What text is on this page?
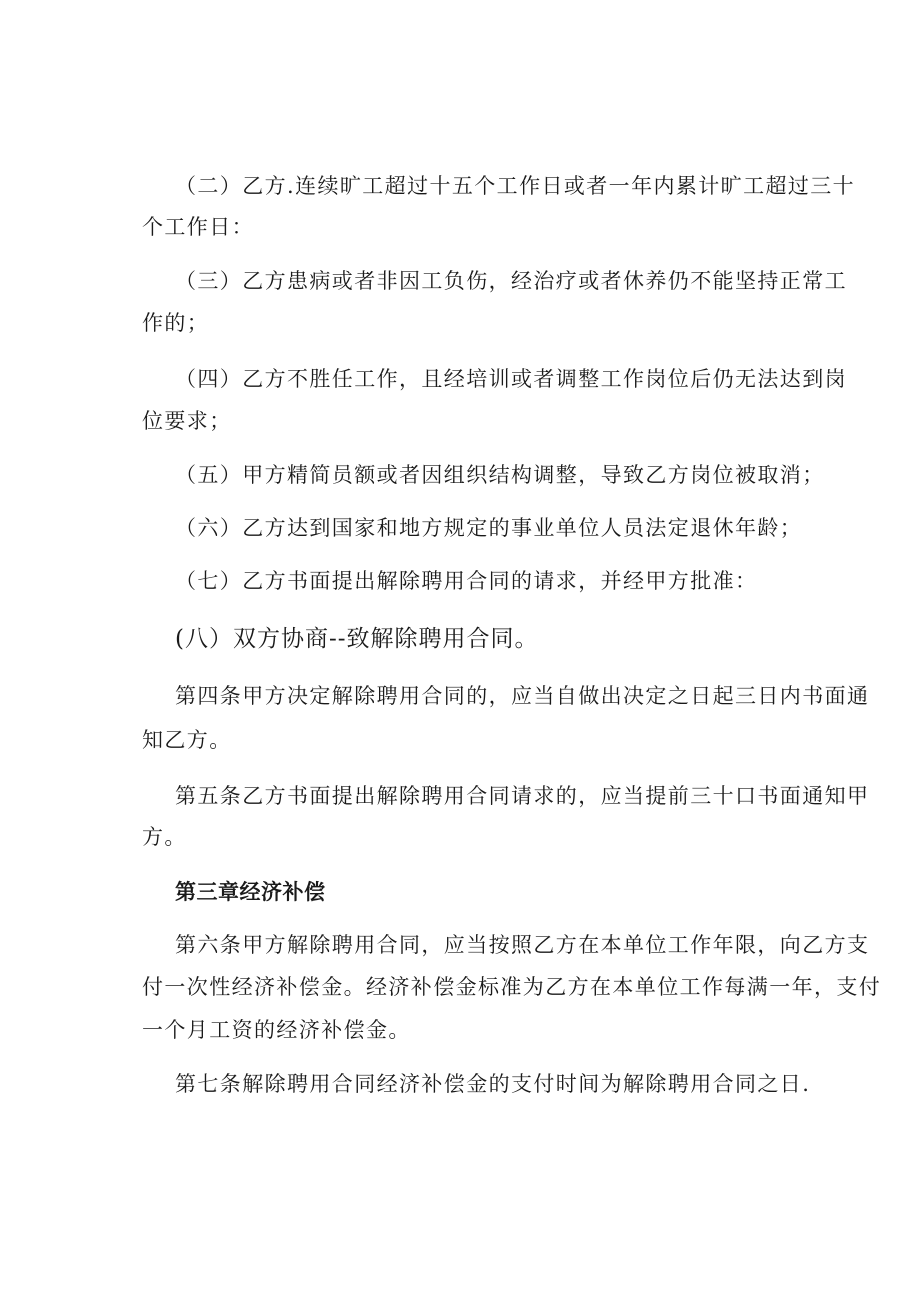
（二）乙方.连续旷工超过十五个工作日或者一年内累计旷工超过三十

个工作日：

（三）乙方患病或者非因工负伤，经治疗或者休养仍不能坚持正常工

作的；

（四）乙方不胜任工作，且经培训或者调整工作岗位后仍无法达到岗

位要求；

（五）甲方精简员额或者因组织结构调整，导致乙方岗位被取消；

（六）乙方达到国家和地方规定的事业单位人员法定退休年龄；

（七）乙方书面提出解除聘用合同的请求，并经甲方批准：

(八）双方协商--致解除聘用合同。

第四条甲方决定解除聘用合同的，应当自做出决定之日起三日内书面通

知乙方。

第五条乙方书面提出解除聘用合同请求的，应当提前三十口书面通知甲

方。

第三章经济补偿

第六条甲方解除聘用合同，应当按照乙方在本单位工作年限，向乙方支

付一次性经济补偿金。经济补偿金标准为乙方在本单位工作每满一年，支付

一个月工资的经济补偿金。

第七条解除聘用合同经济补偿金的支付时间为解除聘用合同之日.
